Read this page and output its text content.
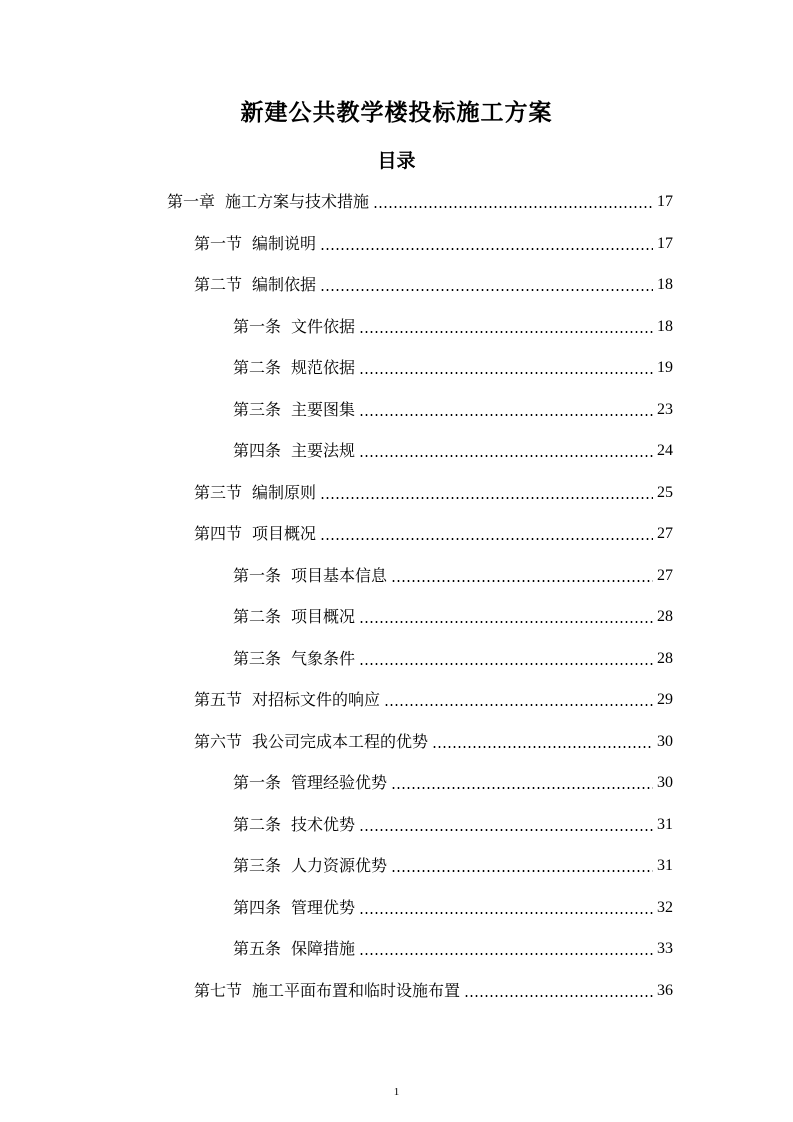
新建公共教学楼投标施工方案
目录
第一章 施工方案与技术措施	17
第一节 编制说明	17
第二节 编制依据	18
第一条 文件依据	18
第二条 规范依据	19
第三条 主要图集	23
第四条 主要法规	24
第三节 编制原则	25
第四节 项目概况	27
第一条 项目基本信息	27
第二条 项目概况	28
第三条 气象条件	28
第五节 对招标文件的响应	29
第六节 我公司完成本工程的优势	30
第一条 管理经验优势	30
第二条 技术优势	31
第三条 人力资源优势	31
第四条 管理优势	32
第五条 保障措施	33
第七节 施工平面布置和临时设施布置	36
1
